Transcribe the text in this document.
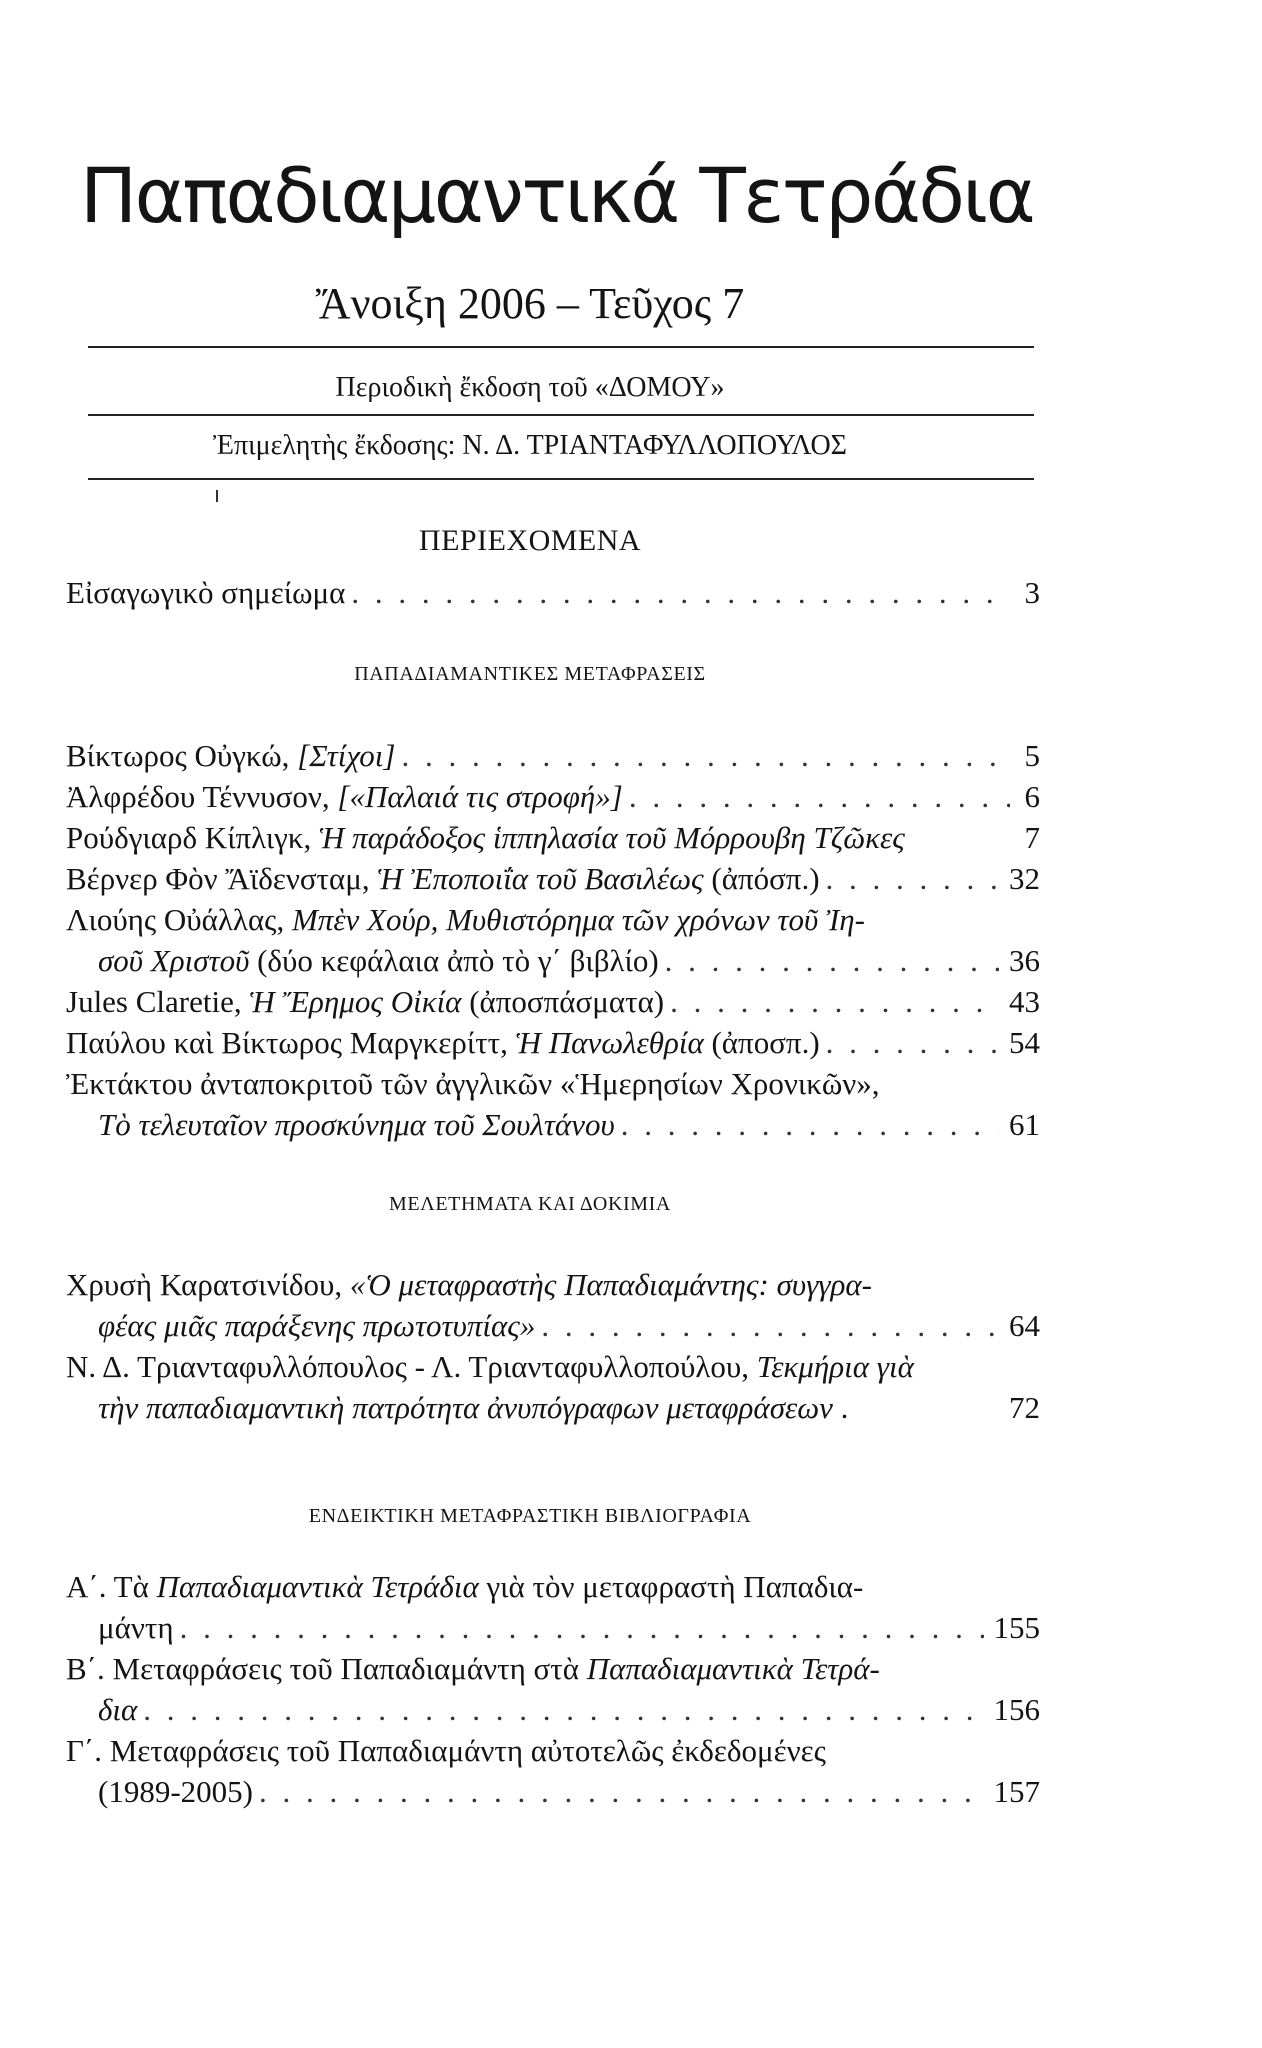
Παπαδιαμαντικά Τετράδια
Ἄνοιξη 2006 – Τεῦχος 7
Περιοδικὴ ἔκδοση τοῦ «ΔΟΜΟΥ»
Ἐπιμελητὴς ἔκδοσης: Ν. Δ. ΤΡΙΑΝΤΑΦΥΛΛΟΠΟΥΛΟΣ
ΠΕΡΙΕΧΟΜΕΝΑ
Εἰσαγωγικὸ σημείωμα . . .	3
ΠΑΠΑΔΙΑΜΑΝΤΙΚΕΣ ΜΕΤΑΦΡΑΣΕΙΣ
Βίκτωρος Οὐγκώ, [Στίχοι] . . .	5
Ἀλφρέδου Τέννυσον, [«Παλαιά τις στροφή»] . . .	6
Ρούδγιαρδ Κίπλιγκ, Ἡ παράδοξος ἱππηλασία τοῦ Μόρρουβη Τζῶκες	7
Βέρνερ Φὸν Ἄϊδενσταμ, Ἡ Ἐποποιΐα τοῦ Βασιλέως (ἀπόσπ.) . . .	32
Λιούης Οὐάλλας, Μπὲν Χούρ, Μυθιστόρημα τῶν χρόνων τοῦ Ἰη-
σοῦ Χριστοῦ (δύο κεφάλαια ἀπὸ τὸ γ΄ βιβλίο) . . .	36
Jules Claretie, Ἡ Ἔρημος Οἰκία (ἀποσπάσματα) . . .	43
Παύλου καὶ Βίκτωρος Μαργκερίττ, Ἡ Πανωλεθρία (ἀποσπ.) . . .	54
Ἐκτάκτου ἀνταποκριτοῦ τῶν ἀγγλικῶν «Ἡμερησίων Χρονικῶν»,
Τὸ τελευταῖον προσκύνημα τοῦ Σουλτάνου . . .	61
ΜΕΛΕΤΗΜΑΤΑ ΚΑΙ ΔΟΚΙΜΙΑ
Χρυσὴ Καρατσινίδου, «Ὁ μεταφραστὴς Παπαδιαμάντης: συγγρα-
φέας μιᾶς παράξενης πρωτοτυπίας» . . .	64
Ν. Δ. Τριανταφυλλόπουλος - Λ. Τριανταφυλλοπούλου, Τεκμήρια γιὰ
τὴν παπαδιαμαντικὴ πατρότητα ἀνυπόγραφων μεταφράσεων .	72
ΕΝΔΕΙΚΤΙΚΗ ΜΕΤΑΦΡΑΣΤΙΚΗ ΒΙΒΛΙΟΓΡΑΦΙΑ
Α΄. Τὰ Παπαδιαμαντικὰ Τετράδια γιὰ τὸν μεταφραστὴ Παπαδια-
μάντη . . .	155
Β΄. Μεταφράσεις τοῦ Παπαδιαμάντη στὰ Παπαδιαμαντικὰ Τετρά-
δια . . .	156
Γ΄. Μεταφράσεις τοῦ Παπαδιαμάντη αὐτοτελῶς ἐκδεδομένες
(1989-2005) . . .	157
